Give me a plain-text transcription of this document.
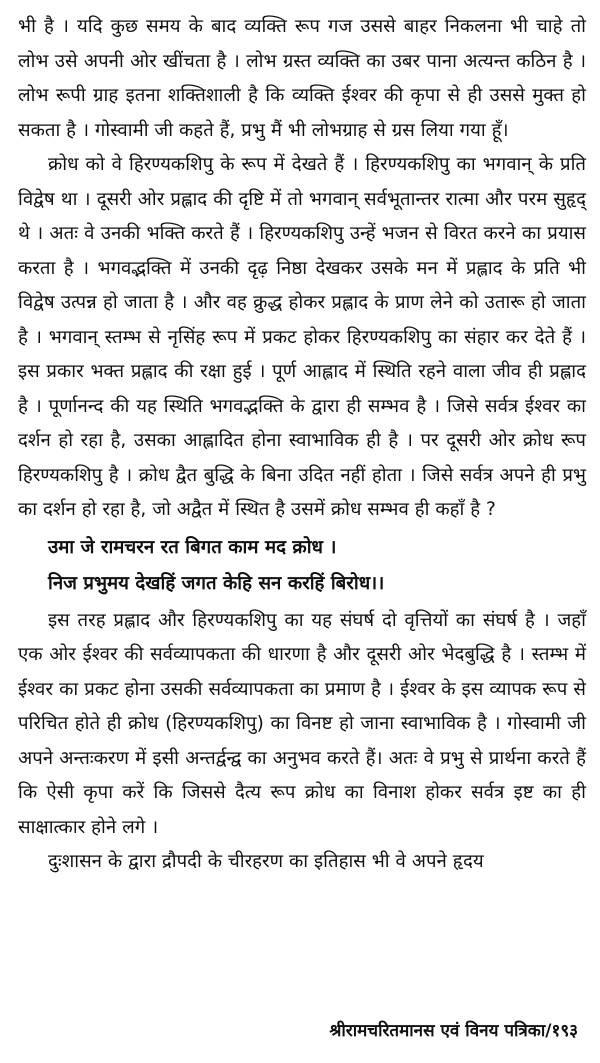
भी है । यदि कुछ समय के बाद व्यक्ति रूप गज उससे बाहर निकलना भी चाहे तो लोभ उसे अपनी ओर खींचता है । लोभ ग्रस्त व्यक्ति का उबर पाना अत्यन्त कठिन है । लोभ रूपी ग्राह इतना शक्तिशाली है कि व्यक्ति ईश्वर की कृपा से ही उससे मुक्त हो सकता है । गोस्वामी जी कहते हैं, प्रभु मैं भी लोभग्राह से ग्रस लिया गया हूँ।

क्रोध को वे हिरण्यकशिपु के रूप में देखते हैं । हिरण्यकशिपु का भगवान् के प्रति विद्वेष था । दूसरी ओर प्रह्लाद की दृष्टि में तो भगवान् सर्वभूतान्तर रात्मा और परम सुहृद् थे । अतः वे उनकी भक्ति करते हैं । हिरण्यकशिपु उन्हें भजन से विरत करने का प्रयास करता है । भगवद्भक्ति में उनकी दृढ़ निष्ठा देखकर उसके मन में प्रह्लाद के प्रति भी विद्वेष उत्पन्न हो जाता है । और वह क्रुद्ध होकर प्रह्लाद के प्राण लेने को उतारू हो जाता है । भगवान् स्तम्भ से नृसिंह रूप में प्रकट होकर हिरण्यकशिपु का संहार कर देते हैं । इस प्रकार भक्त प्रह्लाद की रक्षा हुई । पूर्ण आह्लाद में स्थिति रहने वाला जीव ही प्रह्लाद है । पूर्णानन्द की यह स्थिति भगवद्भक्ति के द्वारा ही सम्भव है । जिसे सर्वत्र ईश्वर का दर्शन हो रहा है, उसका आह्लादित होना स्वाभाविक ही है । पर दूसरी ओर क्रोध रूप हिरण्यकशिपु है । क्रोध द्वैत बुद्धि के बिना उदित नहीं होता । जिसे सर्वत्र अपने ही प्रभु का दर्शन हो रहा है, जो अद्वैत में स्थित है उसमें क्रोध सम्भव ही कहाँ है ?

उमा जे रामचरन रत बिगत काम मद क्रोध ।
निज प्रभुमय देखहिं जगत केहि सन करहिं बिरोध।।

इस तरह प्रह्लाद और हिरण्यकशिपु का यह संघर्ष दो वृत्तियों का संघर्ष है । जहाँ एक ओर ईश्वर की सर्वव्यापकता की धारणा है और दूसरी ओर भेदबुद्धि है । स्तम्भ में ईश्वर का प्रकट होना उसकी सर्वव्यापकता का प्रमाण है । ईश्वर के इस व्यापक रूप से परिचित होते ही क्रोध (हिरण्यकशिपु) का विनष्ट हो जाना स्वाभाविक है । गोस्वामी जी अपने अन्तःकरण में इसी अन्तर्द्वन्द्व का अनुभव करते हैं। अतः वे प्रभु से प्रार्थना करते हैं कि ऐसी कृपा करें कि जिससे दैत्य रूप क्रोध का विनाश होकर सर्वत्र इष्ट का ही साक्षात्कार होने लगे ।

दुःशासन के द्वारा द्रौपदी के चीरहरण का इतिहास भी वे अपने हृदय

श्रीरामचरितमानस एवं विनय पत्रिका/१९३
